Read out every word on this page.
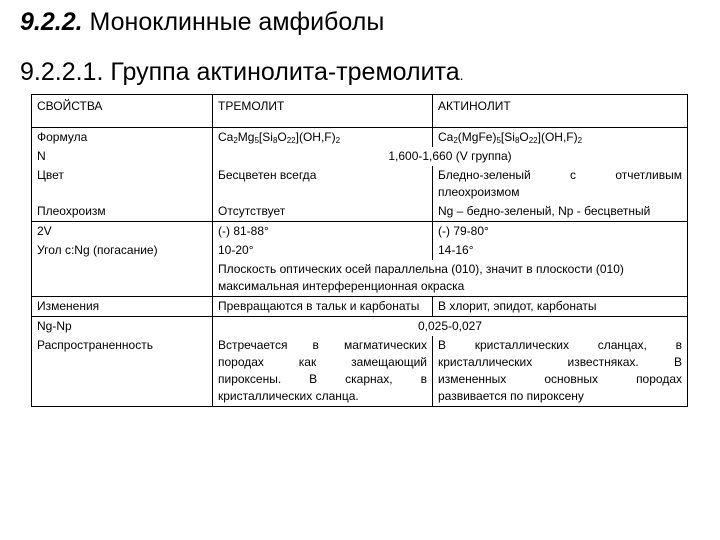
9.2.2. Моноклинные амфиболы
9.2.2.1. Группа актинолита-тремолита.
СВОЙСТВА	ТРЕМОЛИТ	АКТИНОЛИТ
Формула	$Ca_2Mg_5[Si_8O_{22}](OH,F)_2$	$Ca_2(MgFe)_5[Si_8O_{22}](OH,F)_2$
N	1,600-1,660 (V группа)	
Цвет	Бесцветен всегда	Бледно-зеленый с отчетливым плеохроизмом
Плеохроизм	Отсутствует	Ng – бедно-зеленый, Np - бесцветный
2V	(-) 81-88°	(-) 79-80°
Угол c:Ng (погасание)	10-20°	14-16°
	Плоскость оптических осей параллельна (010), значит в плоскости (010) максимальная интерференционная окраска	
Изменения	Превращаются в тальк и карбонаты	В хлорит, эпидот, карбонаты
Ng-Np	0,025-0,027	
Распространенность	Встречается в магматических породах как замещающий пироксены. В скарнах, в кристаллических сланца.	В кристаллических сланцах, в кристаллических известняках. В измененных основных породах развивается по пироксену
